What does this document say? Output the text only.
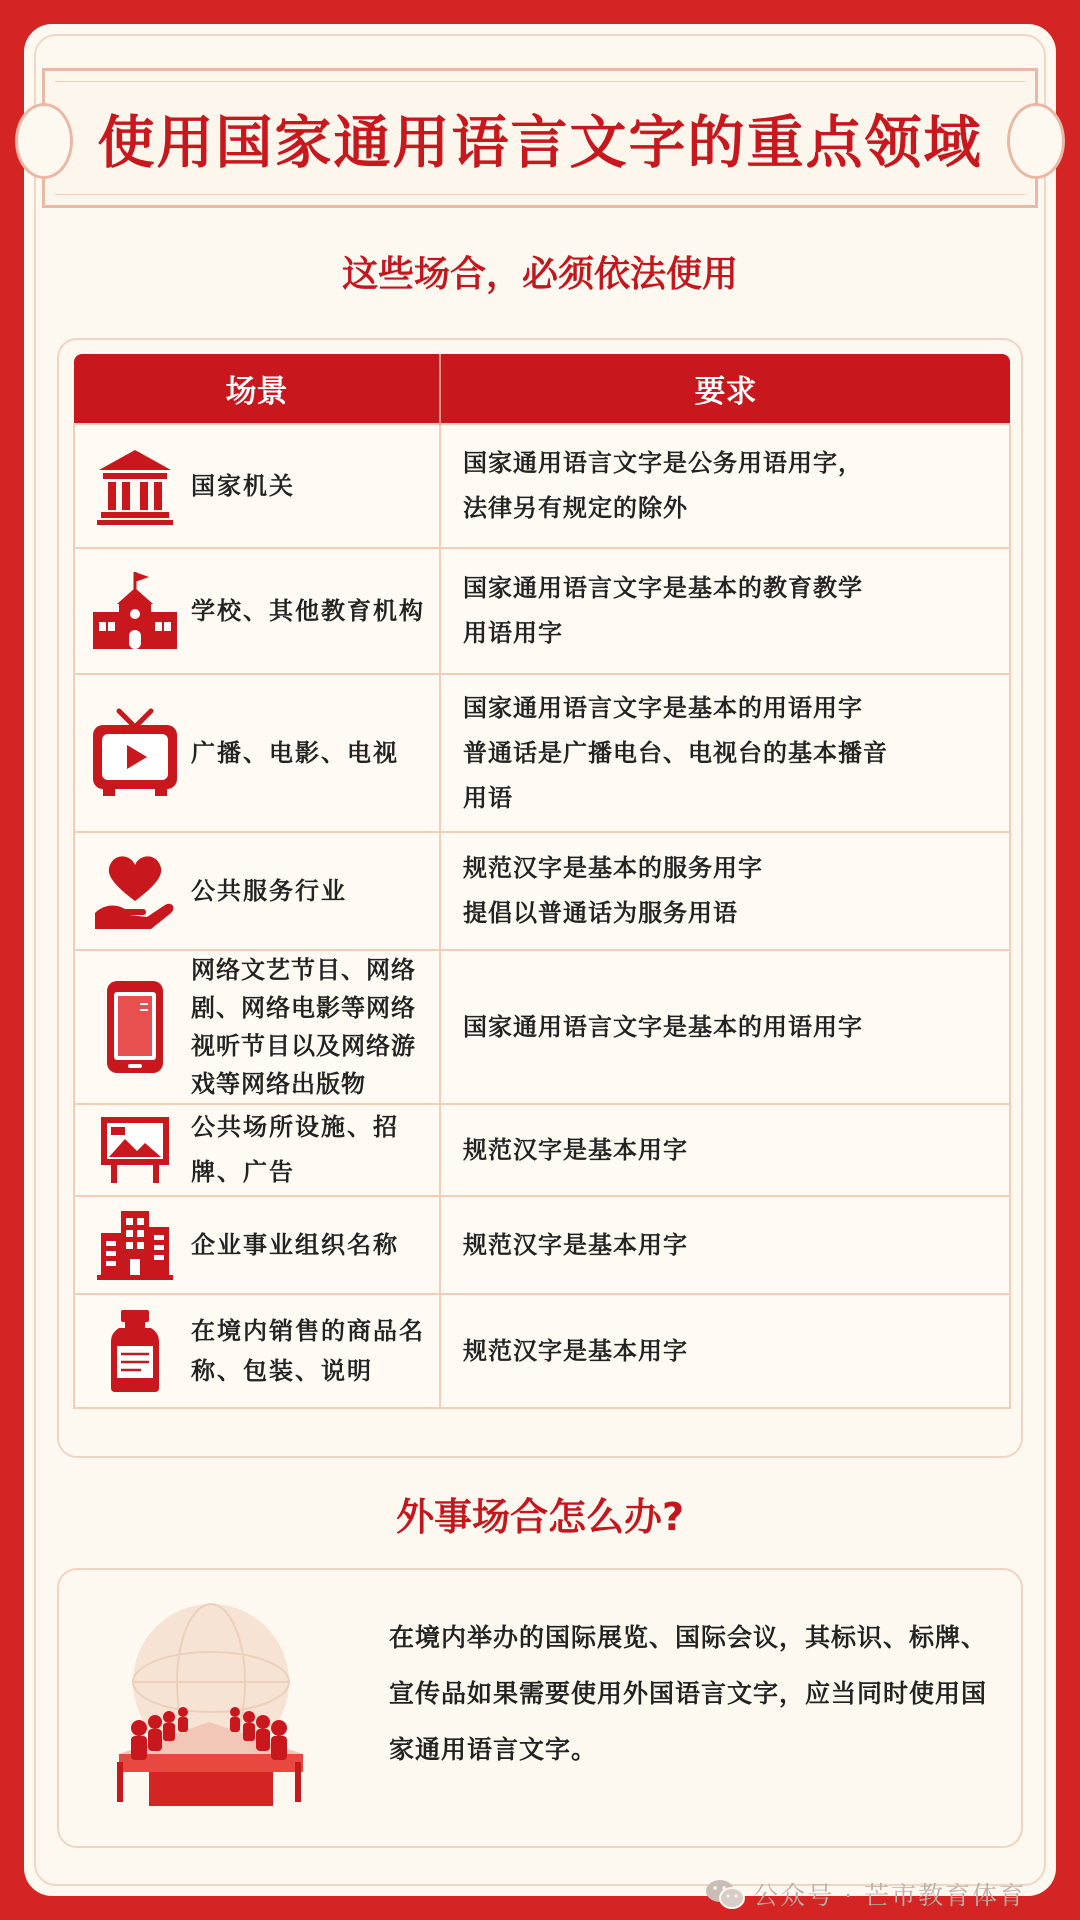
使用国家通用语言文字的重点领域
这些场合，必须依法使用
场景	要求

国家机关	国家通用语言文字是公务用语用字，
法律另有规定的除外

学校、其他教育机构	国家通用语言文字是基本的教育教学
用语用字

广播、电影、电视	国家通用语言文字是基本的用语用字
普通话是广播电台、电视台的基本播音
用语

公共服务行业	规范汉字是基本的服务用字
提倡以普通话为服务用语

网络文艺节目、网络剧、网络电影等网络视听节目以及网络游戏等网络出版物	国家通用语言文字是基本的用语用字

公共场所设施、招牌、广告	规范汉字是基本用字

企业事业组织名称	规范汉字是基本用字

在境内销售的商品名称、包装、说明	规范汉字是基本用字
外事场合怎么办?

在境内举办的国际展览、国际会议，其标识、标牌、宣传品如果需要使用外国语言文字，应当同时使用国家通用语言文字。

公众号 · 芒市教育体育
